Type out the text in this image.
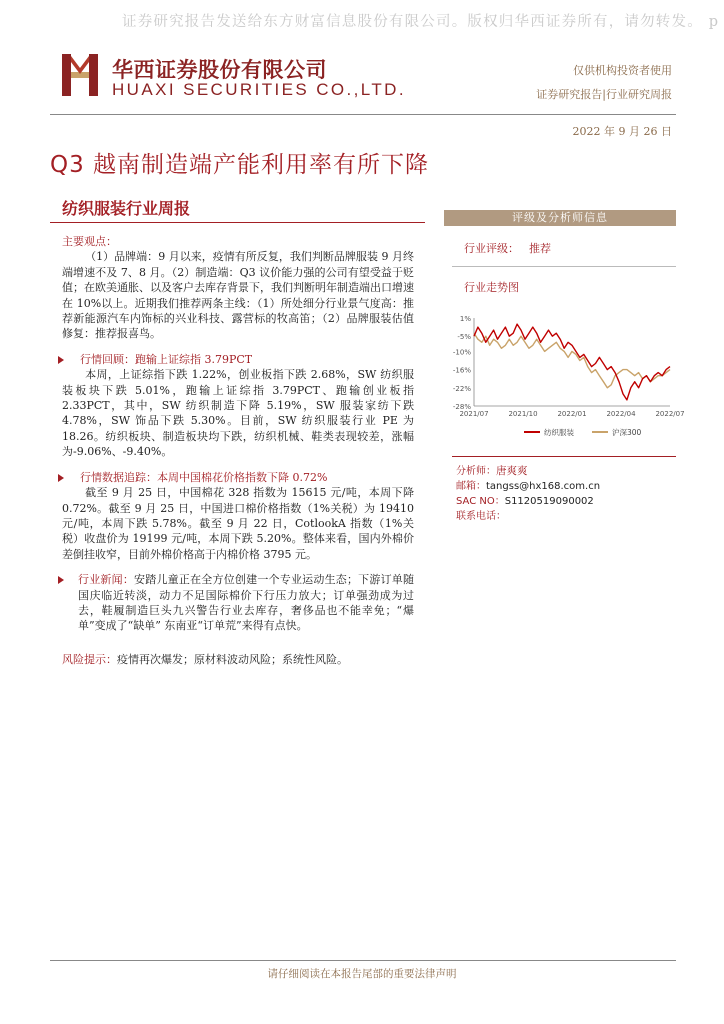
证券研究报告发送给东方财富信息股份有限公司。版权归华西证券所有，请勿转发。 p
华西证券股份有限公司
HUAXI SECURITIES CO.,LTD.
仅供机构投资者使用
证券研究报告|行业研究周报
2022 年 9 月 26 日
Q3 越南制造端产能利用率有所下降
纺织服装行业周报
主要观点：
（1）品牌端：9 月以来，疫情有所反复，我们判断品牌服装 9 月终端增速不及 7、8 月。（2）制造端：Q3 议价能力强的公司有望受益于贬值；在欧美通胀、以及客户去库存背景下，我们判断明年制造端出口增速在 10%以上。近期我们推荐两条主线：（1）所处细分行业景气度高：推荐新能源汽车内饰标的兴业科技、露营标的牧高笛；（2）品牌服装估值修复：推荐报喜鸟。
行情回顾：跑输上证综指 3.79PCT
本周，上证综指下跌 1.22%，创业板指下跌 2.68%，SW 纺织服装板块下跌 5.01%，跑输上证综指 3.79PCT、跑输创业板指 2.33PCT，其中，SW 纺织制造下降 5.19%，SW 服装家纺下跌 4.78%，SW 饰品下跌 5.30%。目前，SW 纺织服装行业 PE 为 18.26。纺织板块、制造板块均下跌，纺织机械、鞋类表现较差，涨幅为-9.06%、-9.40%。
行情数据追踪：本周中国棉花价格指数下降 0.72%
截至 9 月 25 日，中国棉花 328 指数为 15615 元/吨，本周下降 0.72%。截至 9 月 25 日，中国进口棉价格指数（1%关税）为 19410 元/吨，本周下跌 5.78%。截至 9 月 22 日，CotlookA 指数（1%关税）收盘价为 19199 元/吨，本周下跌 5.20%。整体来看，国内外棉价差倒挂收窄，目前外棉价格高于内棉价格 3795 元。
行业新闻：安踏儿童正在全方位创建一个专业运动生态；下游订单随国庆临近转淡，动力不足国际棉价下行压力放大；订单强劲成为过去，鞋履制造巨头九兴警告行业去库存，奢侈品也不能幸免；“爆单”变成了“缺单” 东南亚“订单荒”来得有点快。
风险提示：疫情再次爆发；原材料波动风险；系统性风险。
评级及分析师信息
行业评级： 推荐
行业走势图
1%
-5%
-10%
-16%
-22%
-28%
2021/07	2021/10	2022/01	2022/04	2022/07
纺织服装	沪深300
分析师：唐爽爽
邮箱：tangss@hx168.com.cn
SAC NO：S1120519090002
联系电话：
请仔细阅读在本报告尾部的重要法律声明
